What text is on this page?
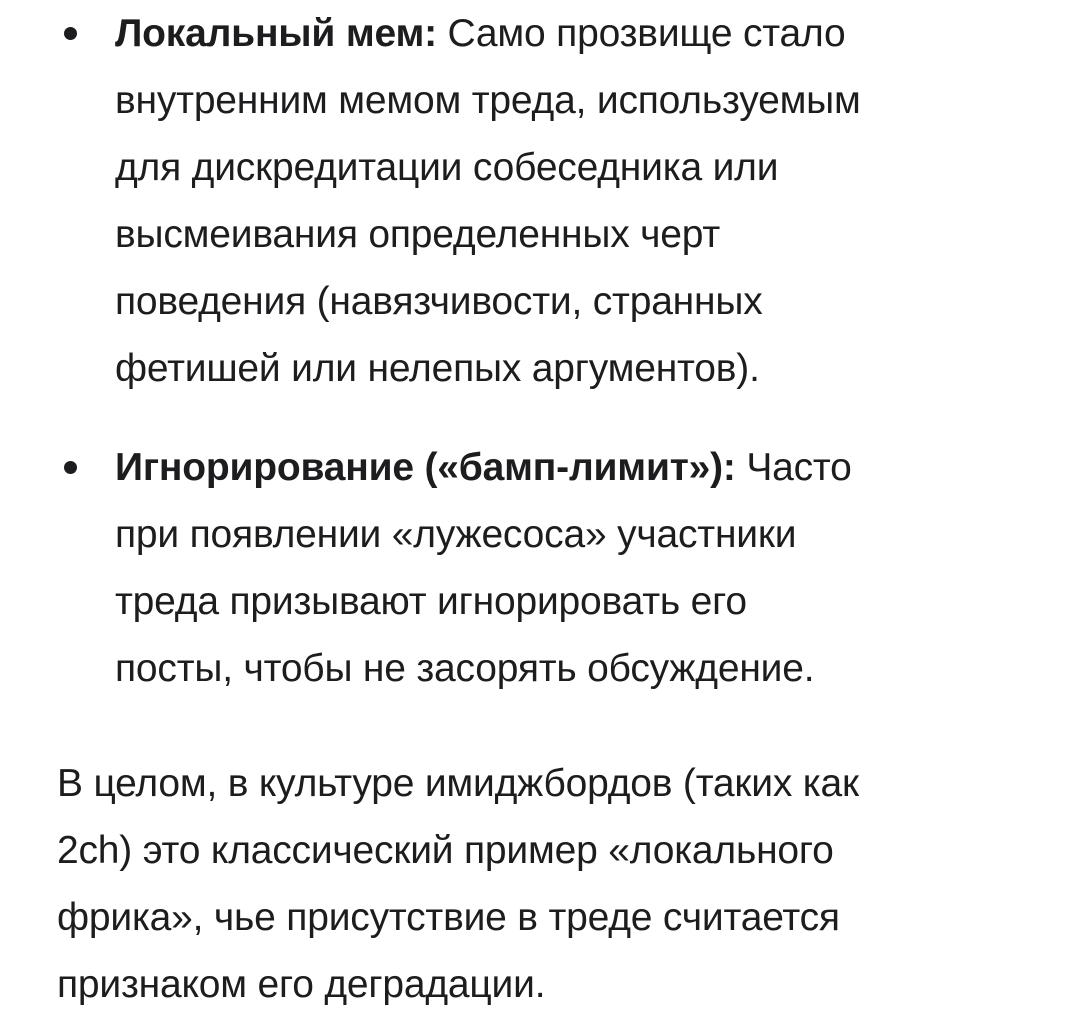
Локальный мем: Само прозвище стало
внутренним мемом треда, используемым
для дискредитации собеседника или
высмеивания определенных черт
поведения (навязчивости, странных
фетишей или нелепых аргументов).
Игнорирование («бамп-лимит»): Часто
при появлении «лужесоса» участники
треда призывают игнорировать его
посты, чтобы не засорять обсуждение.
В целом, в культуре имиджбордов (таких как
2ch) это классический пример «локального
фрика», чье присутствие в треде считается
признаком его деградации.
